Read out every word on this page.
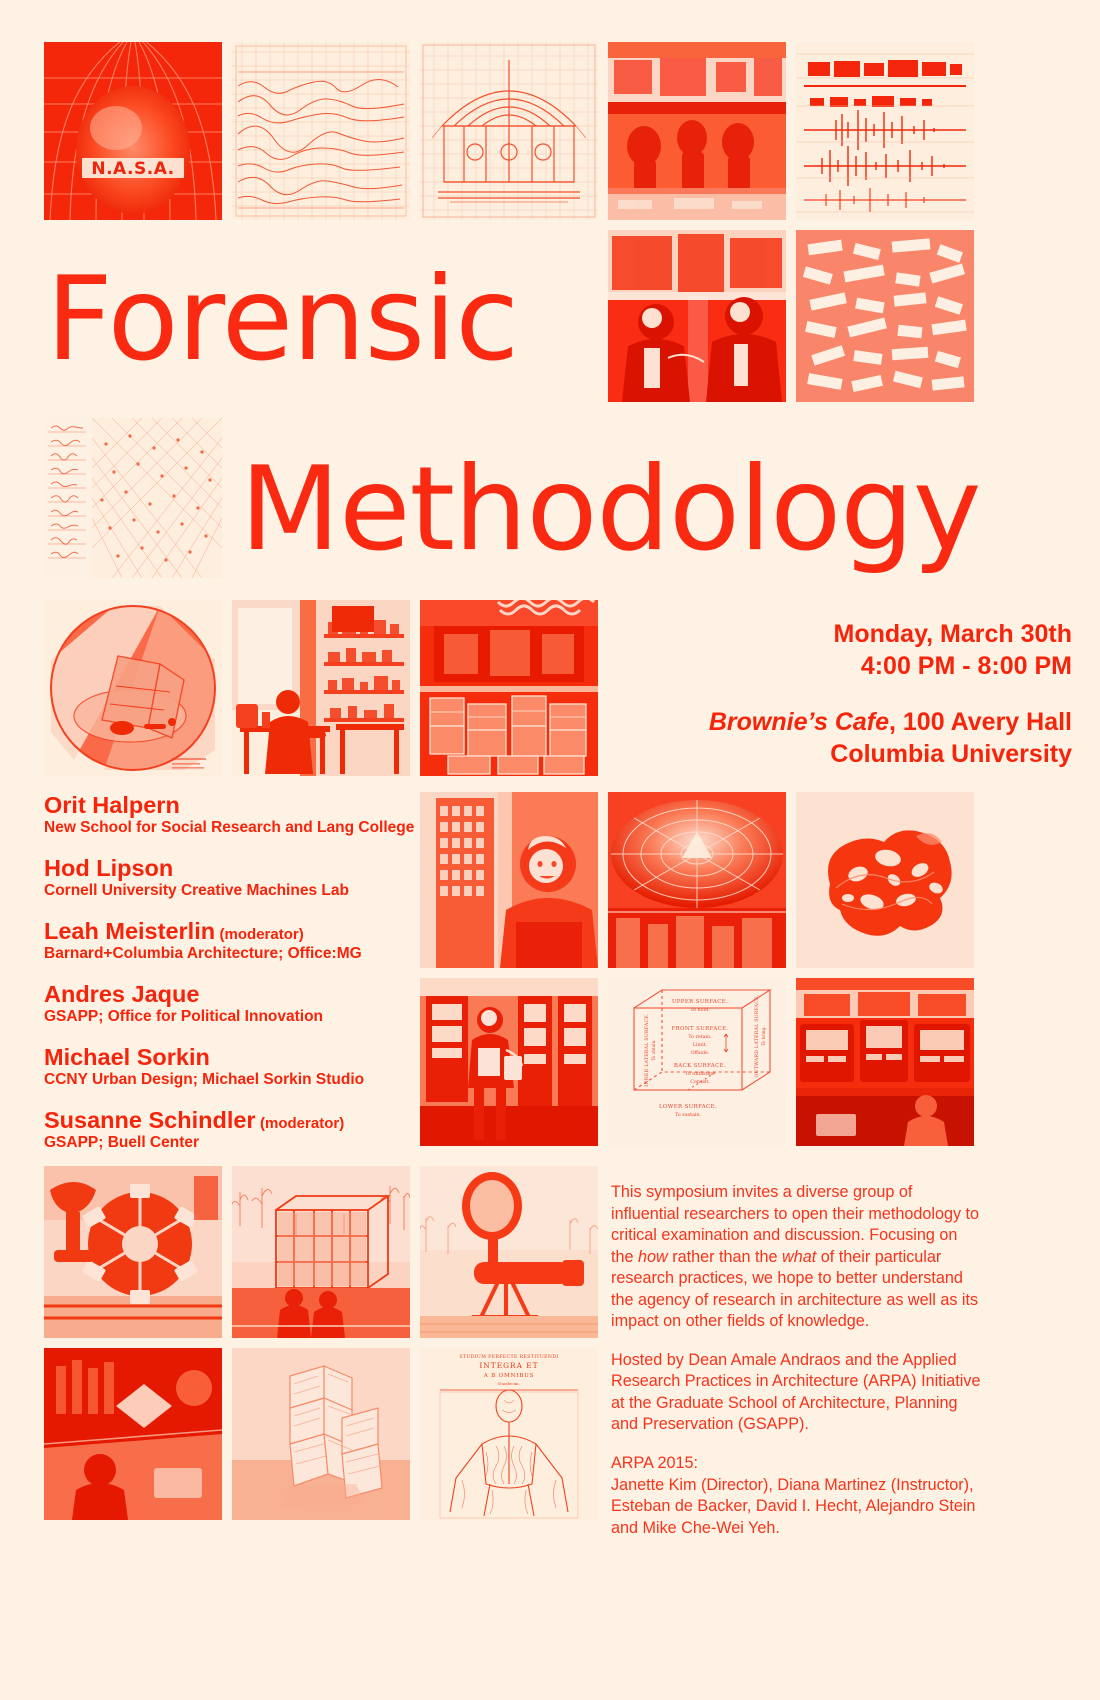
N.A.S.A.
UPPER SURFACE.
To hold.
FRONT SURFACE.
To retain.
Limit.
Offside.
BACK SURFACE.
To unfasten.
Consist.
LOWER SURFACE.
To sustain.
INNER LATERAL SURFACE. To obtain.	OUTWARD LATERAL SURFACE. To bring.
STUDIUM PERFECTE RESTITUENDI
INTEGRA ET
A B OMNIBUS
Duodecim.
Forensic
Methodology
Monday, March 30th
4:00 PM - 8:00 PM
Brownie’s Cafe, 100 Avery Hall
Columbia University
Orit Halpern
New School for Social Research and Lang College
Hod Lipson
Cornell University Creative Machines Lab
Leah Meisterlin (moderator)
Barnard+Columbia Architecture; Office:MG
Andres Jaque
GSAPP; Office for Political Innovation
Michael Sorkin
CCNY Urban Design; Michael Sorkin Studio
Susanne Schindler (moderator)
GSAPP; Buell Center

This symposium invites a diverse group of influential researchers to open their methodology to critical examination and discussion. Focusing on the how rather than the what of their particular research practices, we hope to better understand the agency of research in architecture as well as its impact on other fields of knowledge.

Hosted by Dean Amale Andraos and the Applied Research Practices in Architecture (ARPA) Initiative at the Graduate School of Architecture, Planning and Preservation (GSAPP).

ARPA 2015:
Janette Kim (Director), Diana Martinez (Instructor), Esteban de Backer, David I. Hecht, Alejandro Stein and Mike Che-Wei Yeh.
